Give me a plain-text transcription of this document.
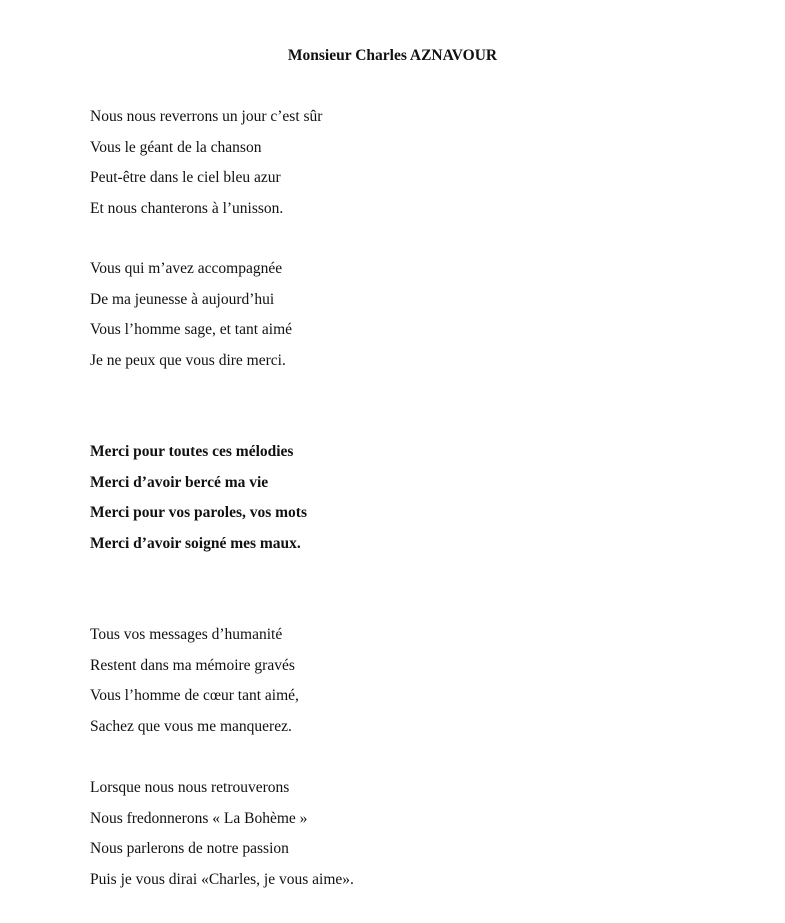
Monsieur Charles AZNAVOUR
Nous nous reverrons un jour c’est sûr
Vous le géant de la chanson
Peut-être dans le ciel bleu azur
Et nous chanterons à l’unisson.
Vous qui m’avez accompagnée
De ma jeunesse à aujourd’hui
Vous l’homme sage, et tant aimé
Je ne peux que vous dire merci.
Merci pour toutes ces mélodies
Merci d’avoir bercé ma vie
Merci pour vos paroles, vos mots
Merci d’avoir soigné mes maux.
Tous vos messages d’humanité
Restent dans ma mémoire gravés
Vous l’homme de cœur tant aimé,
Sachez que vous me manquerez.
Lorsque nous nous retrouverons
Nous fredonnerons « La Bohème »
Nous parlerons de notre passion
Puis je vous dirai «Charles, je vous aime».
